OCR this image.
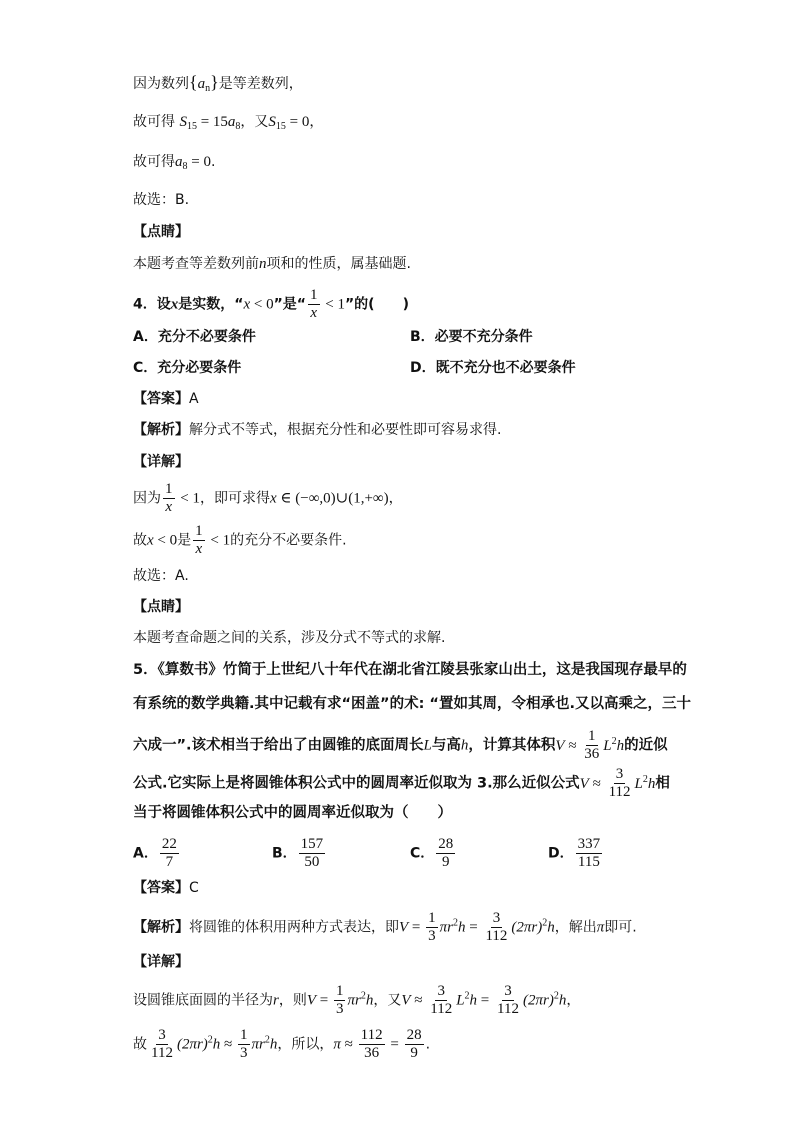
因为数列$\{a_n\}$是等差数列，
故可得 $S_{15} = 15a_8$，又$S_{15} = 0$，
故可得$a_8 = 0$.
故选：B.
【点睛】
本题考查等差数列前n项和的性质，属基础题.
4．设x是实数，“x < 0”是“ $\frac{1}{x} < 1$”的(　　)
A．充分不必要条件	B．必要不充分条件
C．充分必要条件	D．既不充分也不必要条件
【答案】A
【解析】解分式不等式，根据充分性和必要性即可容易求得.
【详解】
因为 $\frac{1}{x} < 1$，即可求得x ∈ (−∞,0)∪(1,+∞)，
故x < 0是 $\frac{1}{x} < 1$的充分不必要条件.
故选：A.
【点睛】
本题考查命题之间的关系，涉及分式不等式的求解.
5．《算数书》竹简于上世纪八十年代在湖北省江陵县张家山出土，这是我国现存最早的
有系统的数学典籍.其中记载有求“困盖”的术: “置如其周，令相承也.又以高乘之，三十
六成一”.该术相当于给出了由圆锥的底面周长L与高h，计算其体积$V \approx \frac{1}{36} L^2h$的近似
公式.它实际上是将圆锥体积公式中的圆周率近似取为 3.那么近似公式$V \approx \frac{3}{112} L^2h$相
当于将圆锥体积公式中的圆周率近似取为（　　）
A． $\frac{22}{7}$	B． $\frac{157}{50}$	C． $\frac{28}{9}$	D． $\frac{337}{115}$
【答案】C
【解析】将圆锥的体积用两种方式表达，即$V = \frac{1}{3} \pi r^2h = \frac{3}{112} (2\pi r)^2h$，解出π即可.
【详解】
设圆锥底面圆的半径为r，则$V = \frac{1}{3} \pi r^2h$，又$V \approx \frac{3}{112} L^2h = \frac{3}{112} (2\pi r)^2h$，
故 $\frac{3}{112} (2\pi r)^2h \approx \frac{1}{3} \pi r^2h$，所以，$\pi \approx \frac{112}{36} = \frac{28}{9}$ .
